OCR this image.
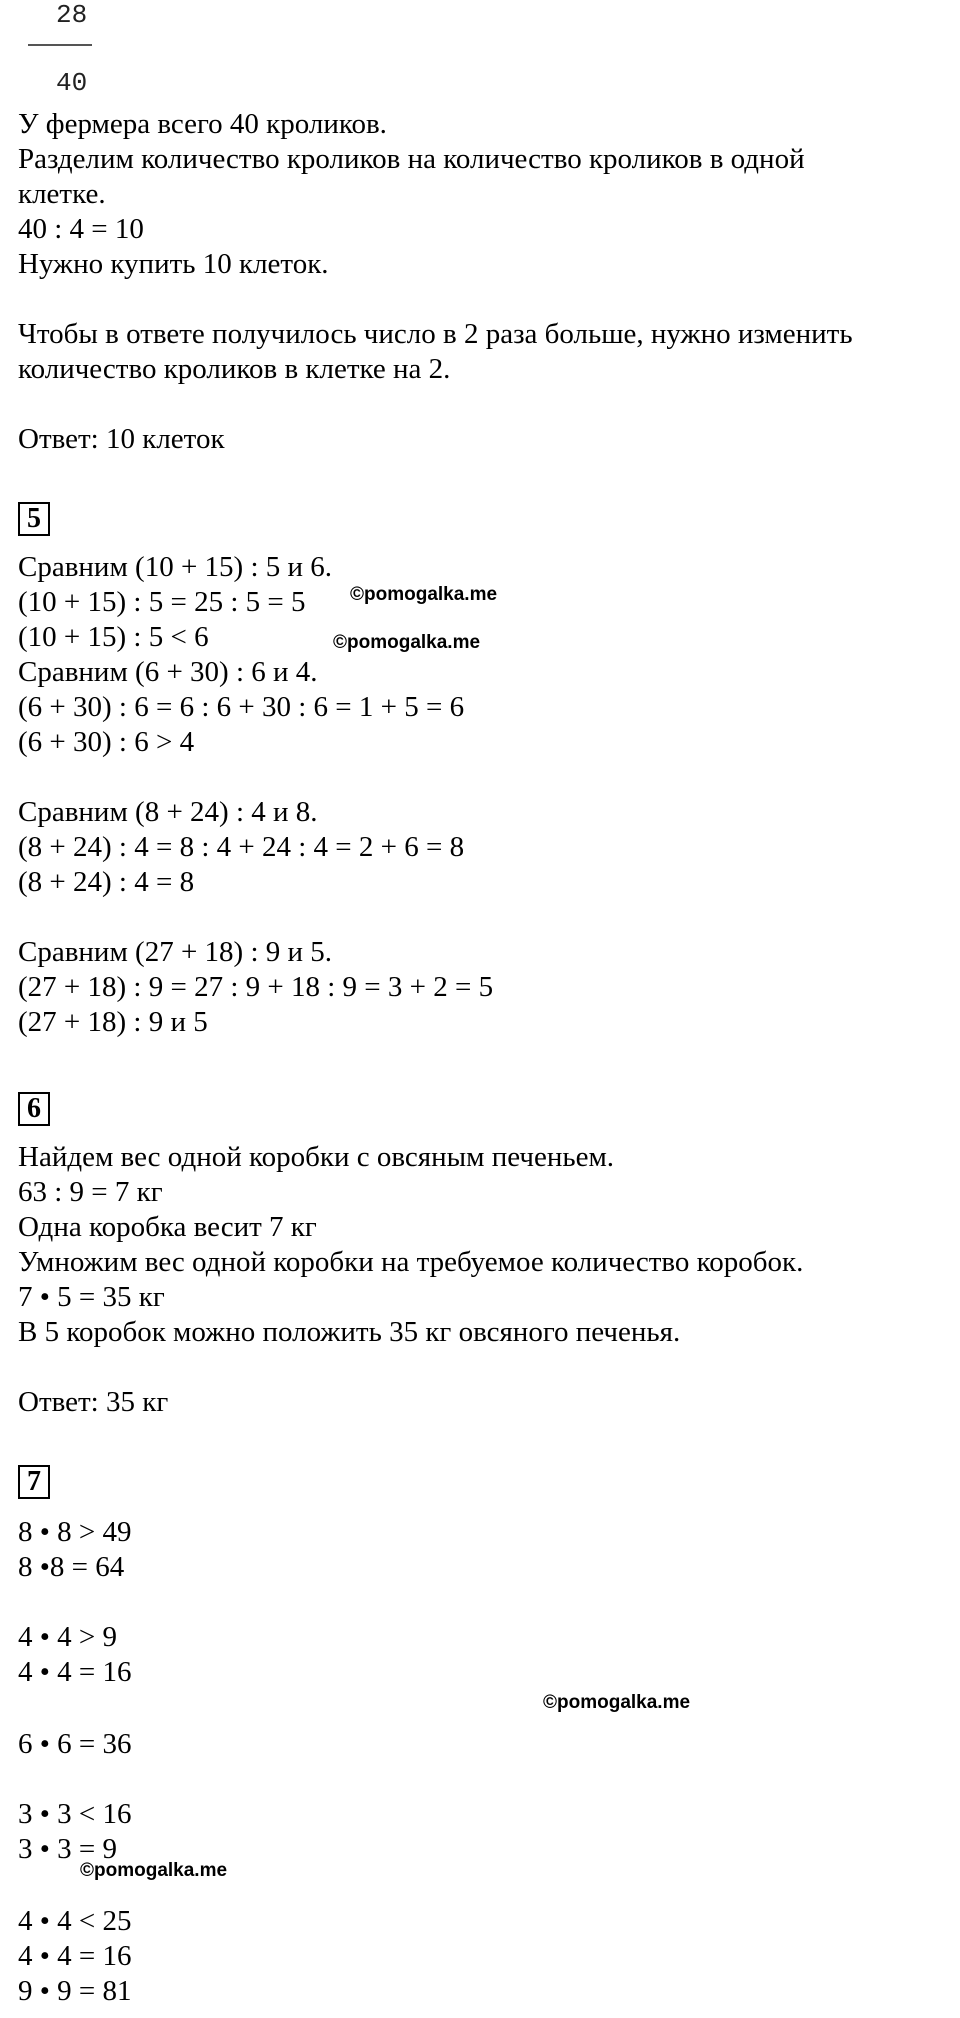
28
40
У фермера всего 40 кроликов.
Разделим количество кроликов на количество кроликов в одной
клетке.
40 : 4 = 10
Нужно купить 10 клеток.
Чтобы в ответе получилось число в 2 раза больше, нужно изменить
количество кроликов в клетке на 2.
Ответ: 10 клеток
5
Сравним (10 + 15) : 5 и 6.
(10 + 15) : 5 = 25 : 5 = 5
(10 + 15) : 5 < 6
Сравним (6 + 30) : 6 и 4.
(6 + 30) : 6 = 6 : 6 + 30 : 6 = 1 + 5 = 6
(6 + 30) : 6 > 4
Сравним (8 + 24) : 4 и 8.
(8 + 24) : 4 = 8 : 4 + 24 : 4 = 2 + 6 = 8
(8 + 24) : 4 = 8
Сравним (27 + 18) : 9 и 5.
(27 + 18) : 9 = 27 : 9 + 18 : 9 = 3 + 2 = 5
(27 + 18) : 9 и 5
6
Найдем вес одной коробки с овсяным печеньем.
63 : 9 = 7 кг
Одна коробка весит 7 кг
Умножим вес одной коробки на требуемое количество коробок.
7 • 5 = 35 кг
В 5 коробок можно положить 35 кг овсяного печенья.
Ответ: 35 кг
7
8 • 8 > 49
8 •8 = 64
4 • 4 > 9
4 • 4 = 16
6 • 6 = 36
3 • 3 < 16
3 • 3 = 9
4 • 4 < 25
4 • 4 = 16
9 • 9 = 81
©pomogalka.me
©pomogalka.me
©pomogalka.me
©pomogalka.me
